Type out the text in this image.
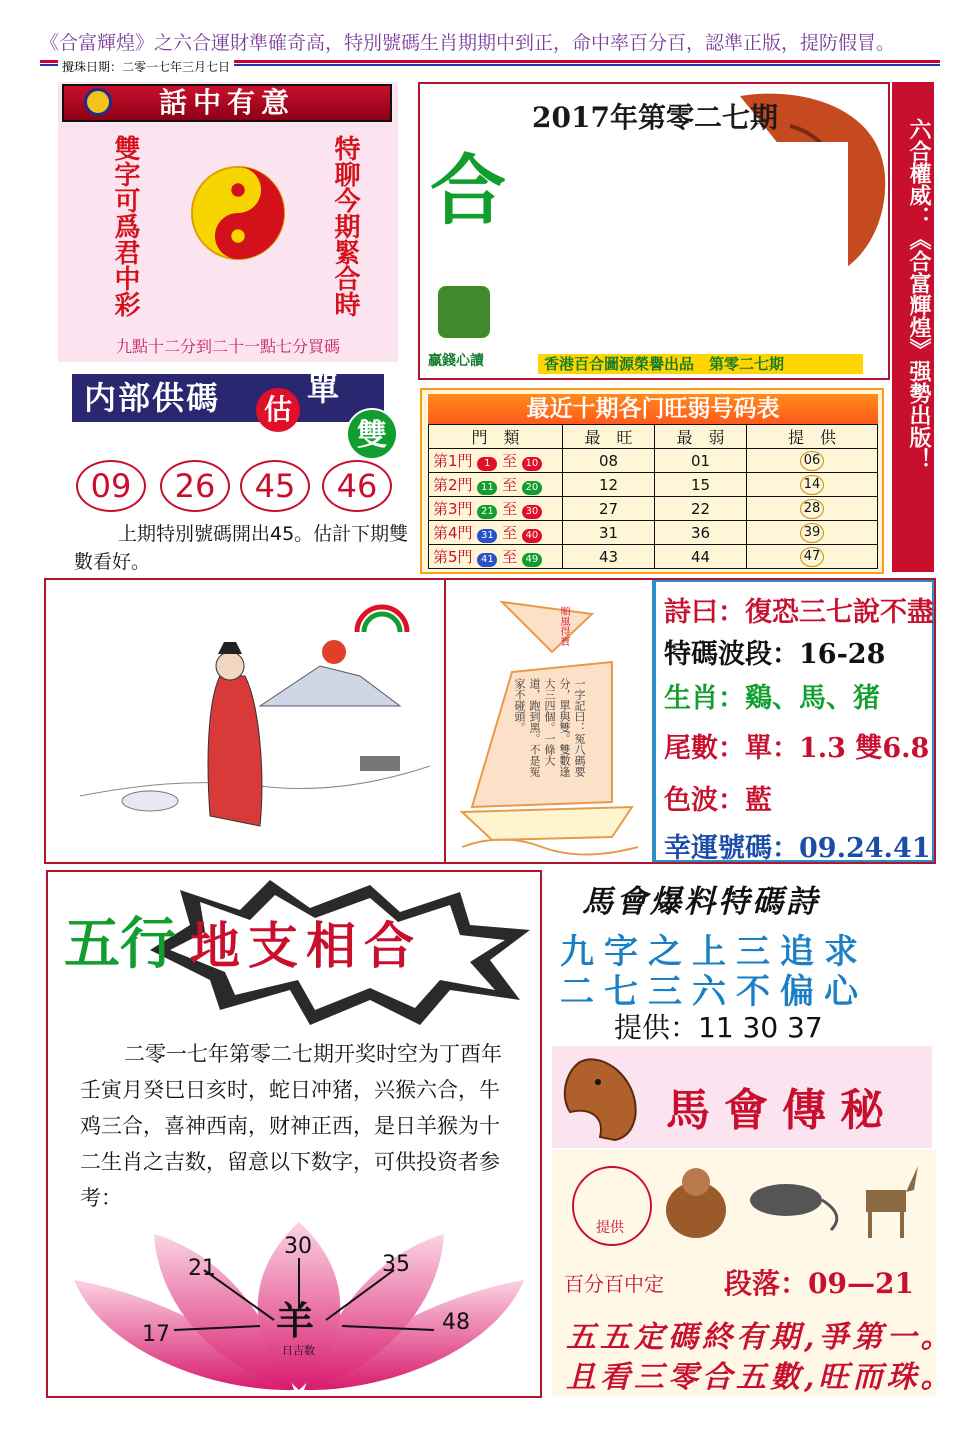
《合富輝煌》之六合運財準確奇高，特別號碼生肖期期中到正，命中率百分百，認準正版，提防假冒。
攪珠日期：二零一七年三月七日
話中有意
雙字可爲君中彩	特聊今期緊合時
九點十二分到二十一點七分買碼
合
2017年第零二七期
贏錢心讀	香港百合圖源榮譽出品　第零二七期	六合權威：《合富輝煌》强勢出版！
内部供碼	估
單
雙
09	26	45	46
上期特別號碼開出45。估計下期雙數看好。
最近十期各门旺弱号码表
門　類	最　旺	最　弱	提　供
第1門 1 至 10	08	01	06
第2門 11 至 20	12	15	14
第3門 21 至 30	27	22	28
第4門 31 至 40	31	36	39
第5門 41 至 49	43	44	47
順風得寶
一字記曰：冤八碼要分，單與雙。雙數逢大三四個。一條大道，跑到黑。不是冤家不碰頭。
詩曰：復恐三七說不盡
特碼波段：16-28
生肖：鷄、馬、猪
尾數：單：1.3 雙6.8
色波：藍
幸運號碼：09.24.41
五行 地支相合
二零一七年第零二七期开奖时空为丁酉年壬寅月癸巳日亥时，蛇日冲猪，兴猴六合，牛鸡三合，喜神西南，财神正西，是日羊猴为十二生肖之吉数，留意以下数字，可供投资者参考：
30
21	35
17	48
羊
日吉数
馬會爆料特碼詩
九字之上三追求
二七三六不偏心
提供：11 30 37
馬會傳秘
提供
百分百中定 段落：09—21
五五定碼終有期,爭第一。
且看三零合五數,旺而珠。
